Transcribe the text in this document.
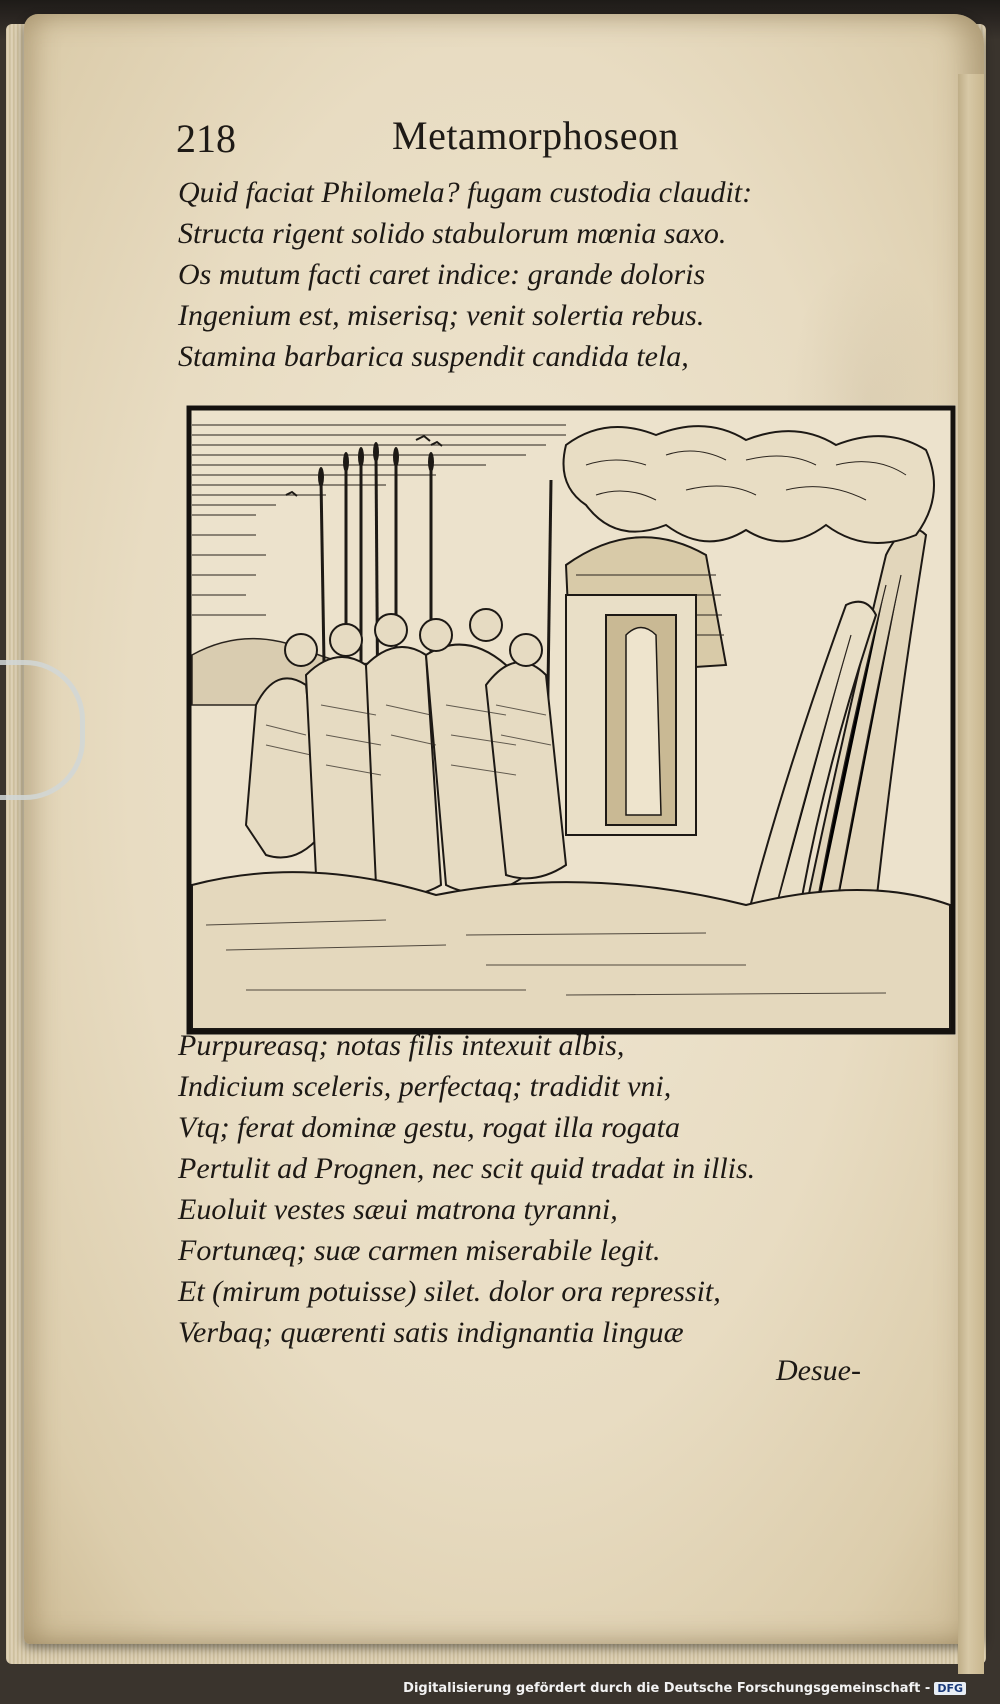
218	Metamorphoseon
Quid faciat Philomela? fugam custodia claudit:
Structa rigent solido stabulorum mœnia saxo.
Os mutum facti caret indice: grande doloris
Ingenium est, miserisq; venit solertia rebus.
Stamina barbarica suspendit candida tela,
Purpureasq; notas filis intexuit albis,
Indicium sceleris, perfectaq; tradidit vni,
Vtq; ferat dominæ gestu, rogat illa rogata
Pertulit ad Prognen, nec scit quid tradat in illis.
Euoluit vestes sæui matrona tyranni,
Fortunæq; suæ carmen miserabile legit.
Et (mirum potuisse) silet. dolor ora repressit,
Verbaq; quærenti satis indignantia linguæ
Desue-
Digitalisierung gefördert durch die Deutsche Forschungsgemeinschaft - DFG
